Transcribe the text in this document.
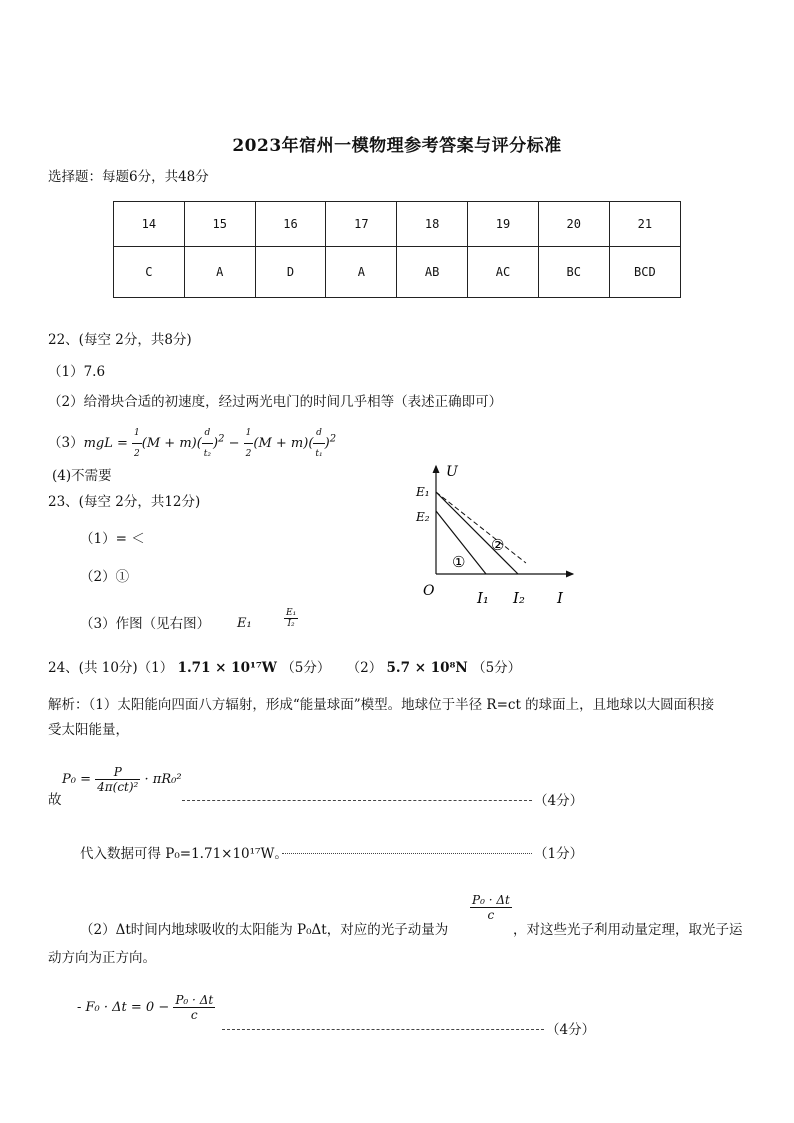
2023年宿州一模物理参考答案与评分标准
选择题：每题6分，共48分
14	15	16	17	18	19	20	21
C	A	D	A	AB	AC	BC	BCD
22、(每空 2分，共8分)
（1）7.6
（2）给滑块合适的初速度，经过两光电门的时间几乎相等（表述正确即可）
$(3)mgL = \frac{1}{2} (M + m)( \frac{d}{\text{t₂}} )^2 - \frac{1}{2} (M + m)( \frac{d}{\text{t₁}} )^2$
(4)不需要
23、(每空 2分，共12分)
（1）= ＜
（2）①
（3）作图（见右图） E₁	$\frac{\text{E₁}}{\text{I₂}}$
U
E₁
E₂
O	I₁ I₂ I
①
②
24、(共 10分)（1） 1.71 × 10¹⁷W （5分） （2） 5.7 × 10⁸N （5分）
解析：（1）太阳能向四面八方辐射，形成“能量球面”模型。地球位于半径 R=ct 的球面上，且地球以大圆面积接
受太阳能量，
$P_0 = \frac{P}{\text{4π(ct)²}} \cdot \pi R_0^2$
故	（4分）
代入数据可得 P₀=1.71×10¹⁷W。	（1分）
（2）Δt时间内地球吸收的太阳能为 P₀Δt，对应的光子动量为
$\frac{\text{P₀ · Δt}}{c}$
，对这些光子利用动量定理，取光子运
动方向为正方向。
- $F_0 \cdot \Delta t = 0 - \frac{\text{P₀ · Δt}}{c}$
（4分）
